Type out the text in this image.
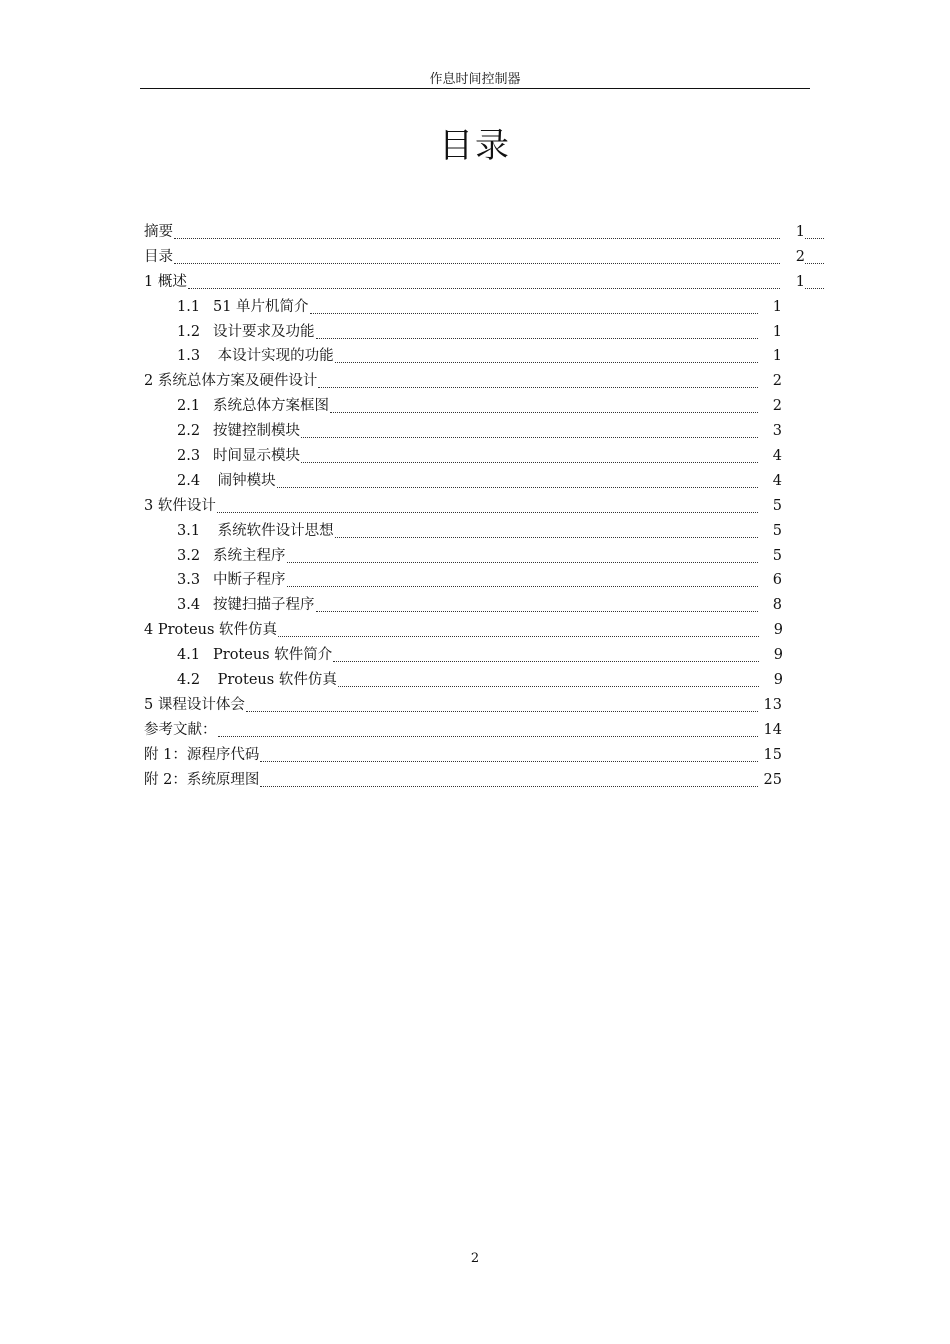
作息时间控制器
目录
摘要	1
目录	2
1 概述	1
1.1 51 单片机简介	1
1.2 设计要求及功能	1
1.3 本设计实现的功能	1
2 系统总体方案及硬件设计	2
2.1 系统总体方案框图	2
2.2 按键控制模块	3
2.3 时间显示模块	4
2.4 闹钟模块	4
3 软件设计	5
3.1 系统软件设计思想	5
3.2 系统主程序	5
3.3 中断子程序	6
3.4 按键扫描子程序	8
4 Proteus 软件仿真	9
4.1 Proteus 软件简介	9
4.2 Proteus 软件仿真	9
5 课程设计体会	13
参考文献：	14
附 1：源程序代码	15
附 2：系统原理图	25
2
